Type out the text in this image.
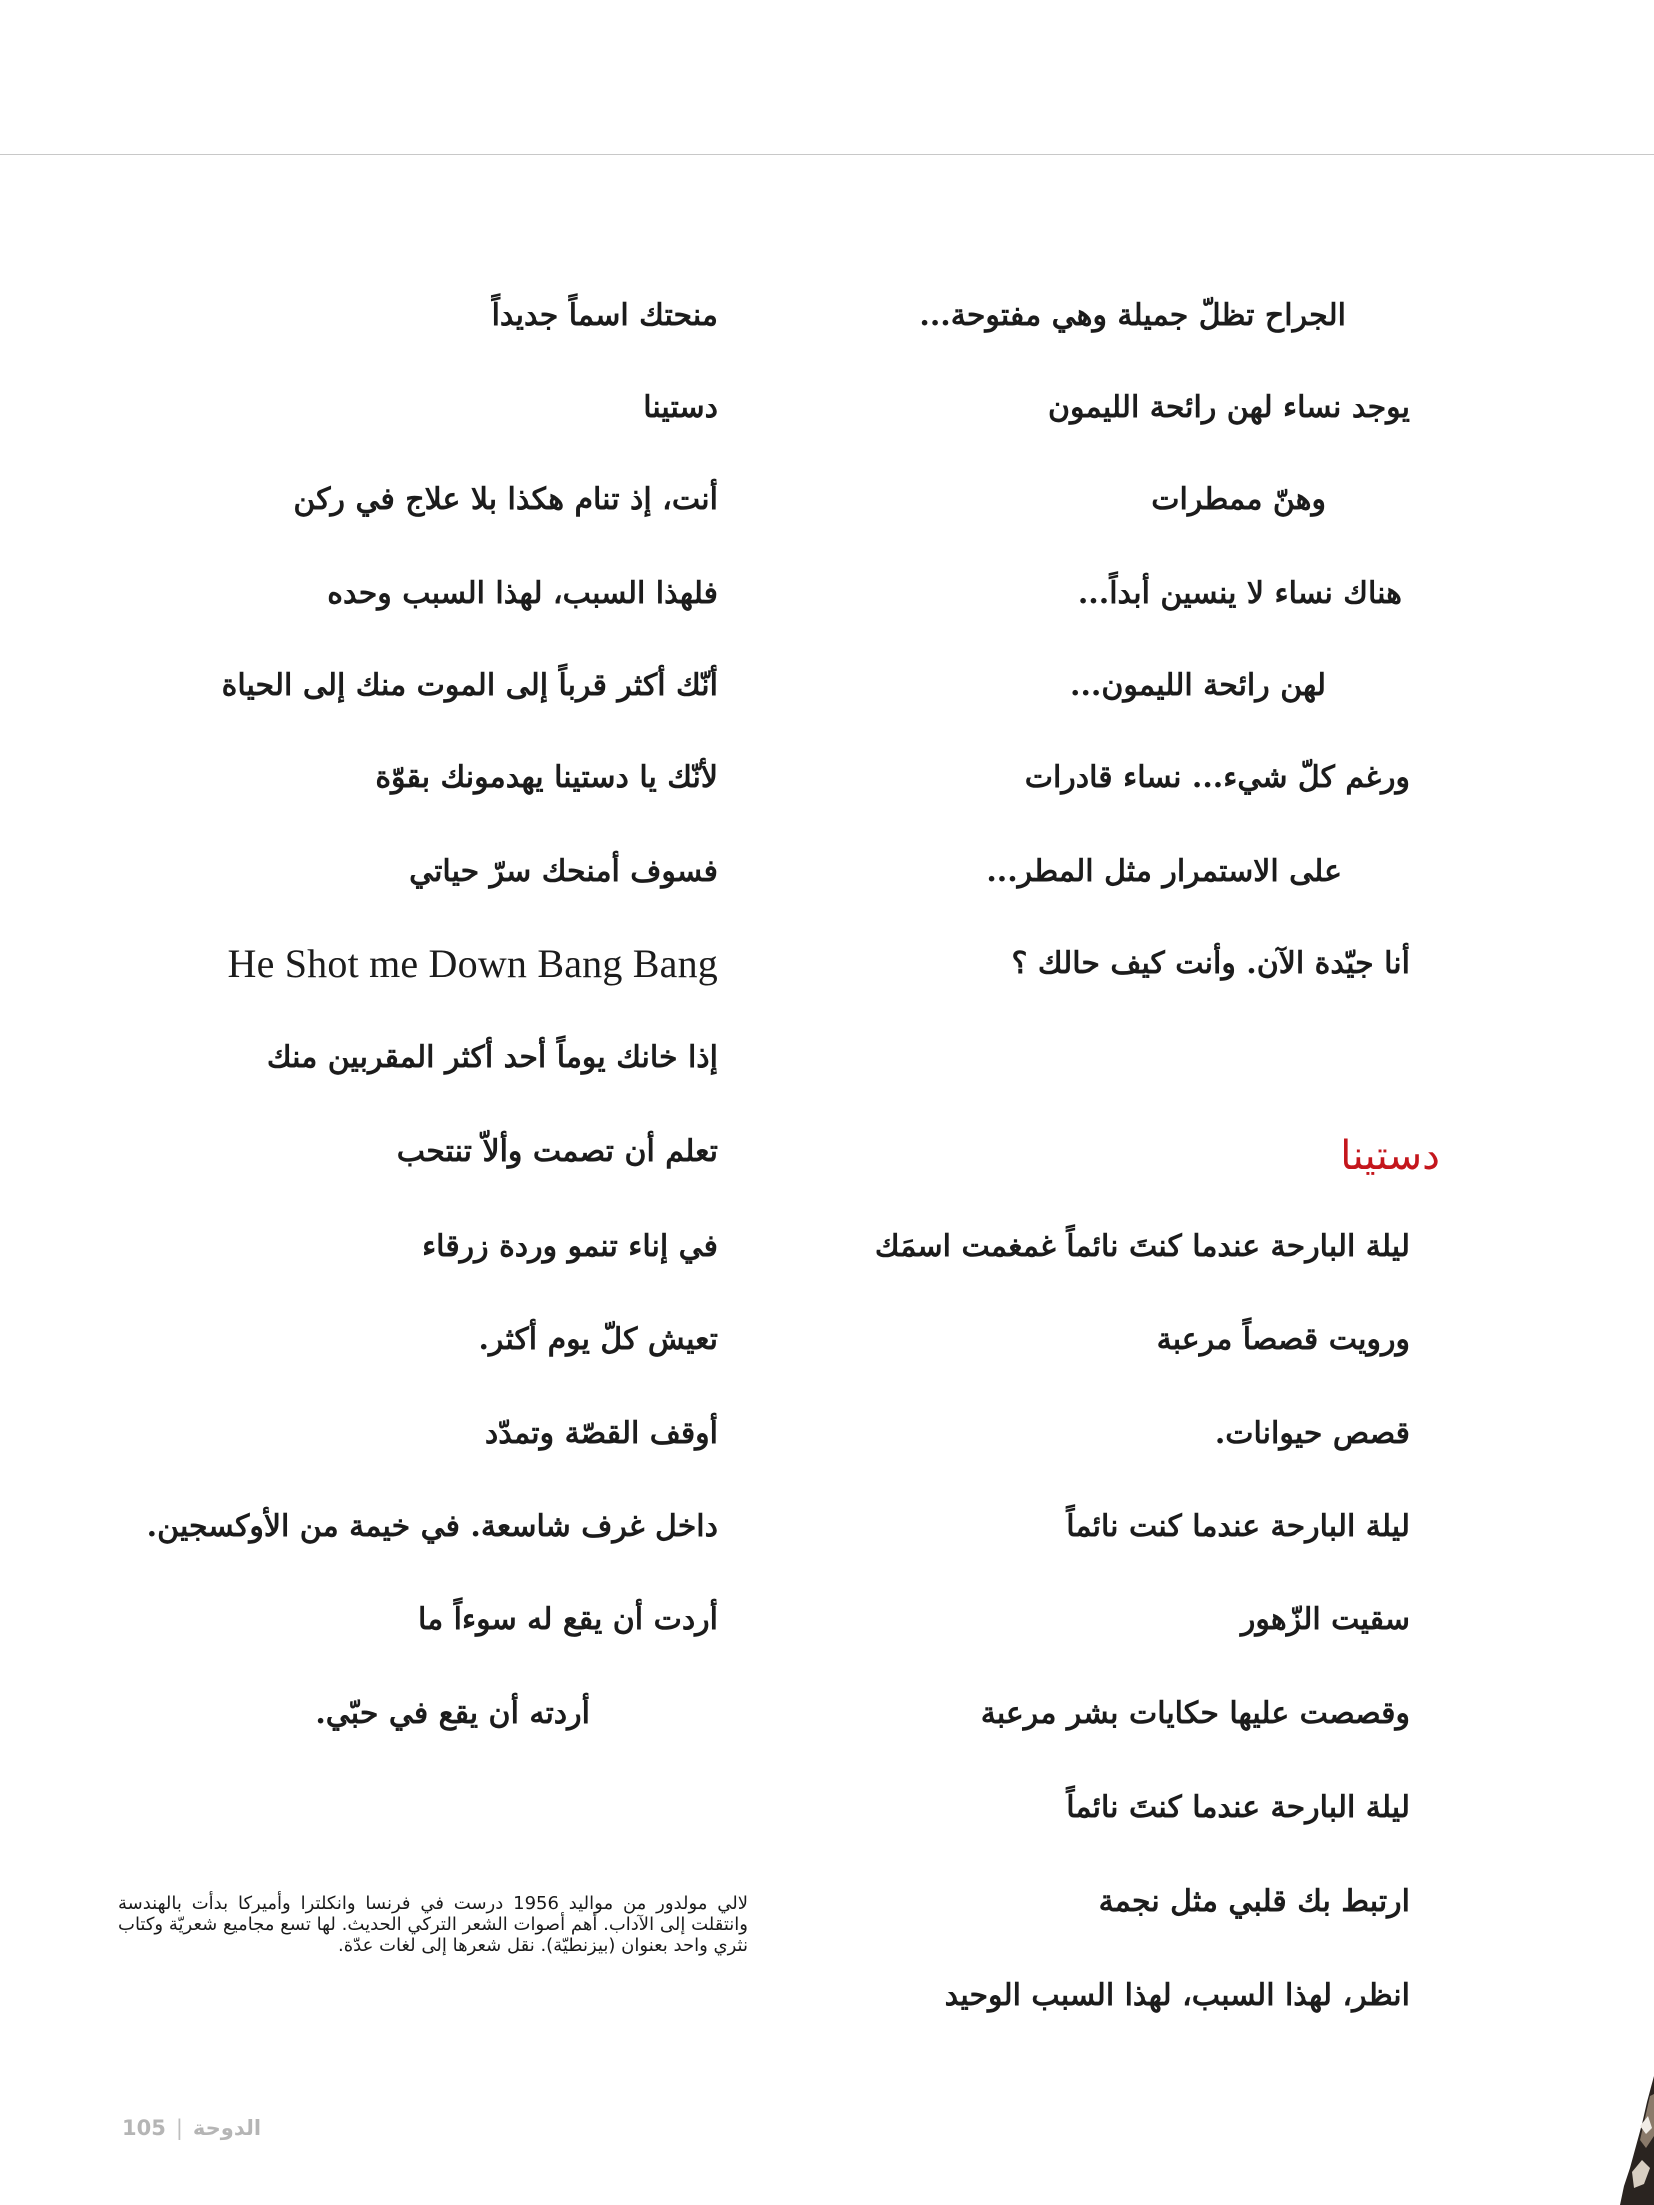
الجراح تظلّ جميلة وهي مفتوحة...
يوجد نساء لهن رائحة الليمون
وهنّ ممطرات
هناك نساء لا ينسين أبداً...
لهن رائحة الليمون...
ورغم كلّ شيء... نساء قادرات
على الاستمرار مثل المطر...
أنا جيّدة الآن. وأنت كيف حالك ؟
دستينا
ليلة البارحة عندما كنتَ نائماً غمغمت اسمَك
ورويت قصصاً مرعبة
قصص حيوانات.
ليلة البارحة عندما كنت نائماً
سقيت الزّهور
وقصصت عليها حكايات بشر مرعبة
ليلة البارحة عندما كنتَ نائماً
ارتبط بك قلبي مثل نجمة
انظر، لهذا السبب، لهذا السبب الوحيد
منحتك اسماً جديداً
دستينا
أنت، إذ تنام هكذا بلا علاج في ركن
فلهذا السبب، لهذا السبب وحده
أنّك أكثر قرباً إلى الموت منك إلى الحياة
لأنّك يا دستينا يهدمونك بقوّة
فسوف أمنحك سرّ حياتي
He Shot me Down Bang Bang
إذا خانك يوماً أحد أكثر المقربين منك
تعلم أن تصمت وألاّ تنتحب
في إناء تنمو وردة زرقاء
تعيش كلّ يوم أكثر.
أوقف القصّة وتمدّد
داخل غرف شاسعة. في خيمة من الأوكسجين.
أردت أن يقع له سوءاً ما
أردته أن يقع في حبّي.
لالي مولدور من مواليد 1956 درست في فرنسا وانكلترا وأميركا بدأت بالهندسة وانتقلت إلى الآداب. أهم أصوات الشعر التركي الحديث. لها تسع مجاميع شعريّة وكتاب نثري واحد بعنوان (بيزنطيّة). نقل شعرها إلى لغات عدّة.
105 | الدوحة
